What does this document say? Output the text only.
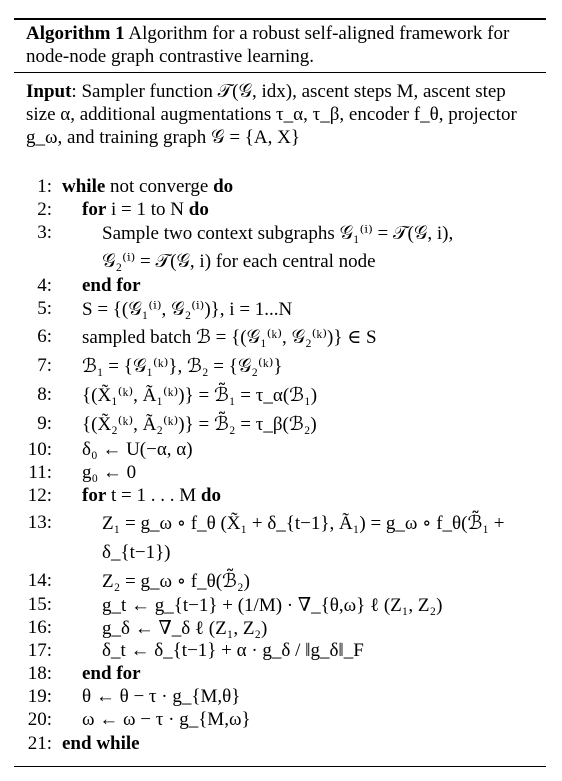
Algorithm 1 Algorithm for a robust self-aligned framework for node-node graph contrastive learning.
Input: Sampler function 𝒯(𝒢, idx), ascent steps M, ascent step size α, additional augmentations τ_α, τ_β, encoder f_θ, projector g_ω, and training graph 𝒢 = {A, X}
1: while not converge do
2: for i = 1 to N do
3:	Sample two context subgraphs 𝒢₁⁽ⁱ⁾ = 𝒯(𝒢, i),
𝒢₂⁽ⁱ⁾ = 𝒯(𝒢, i) for each central node
4: end for
5: S = {(𝒢₁⁽ⁱ⁾, 𝒢₂⁽ⁱ⁾)}, i = 1...N
6: sampled batch ℬ = {(𝒢₁⁽ᵏ⁾, 𝒢₂⁽ᵏ⁾)} ∈ S
7: ℬ₁ = {𝒢₁⁽ᵏ⁾}, ℬ₂ = {𝒢₂⁽ᵏ⁾}
8: {(X̃₁⁽ᵏ⁾, Ã₁⁽ᵏ⁾)} = ℬ̃₁ = τ_α(ℬ₁)
9: {(X̃₂⁽ᵏ⁾, Ã₂⁽ᵏ⁾)} = ℬ̃₂ = τ_β(ℬ₂)
10: δ₀ ← U(−α, α)
11: g₀ ← 0
12: for t = 1 . . . M do
13:	Z₁ = g_ω ∘ f_θ (X̃₁ + δ_{t−1}, Ã₁) = g_ω ∘ f_θ(ℬ̃₁ +
δ_{t−1})
14:	Z₂ = g_ω ∘ f_θ(ℬ̃₂)
15:	g_t ← g_{t−1} + (1/M) · ∇_{θ,ω} ℓ (Z₁, Z₂)
16:	g_δ ← ∇_δ ℓ (Z₁, Z₂)
17:	δ_t ← δ_{t−1} + α · g_δ / ‖g_δ‖_F
18: end for
19: θ ← θ − τ · g_{M,θ}
20: ω ← ω − τ · g_{M,ω}
21: end while
